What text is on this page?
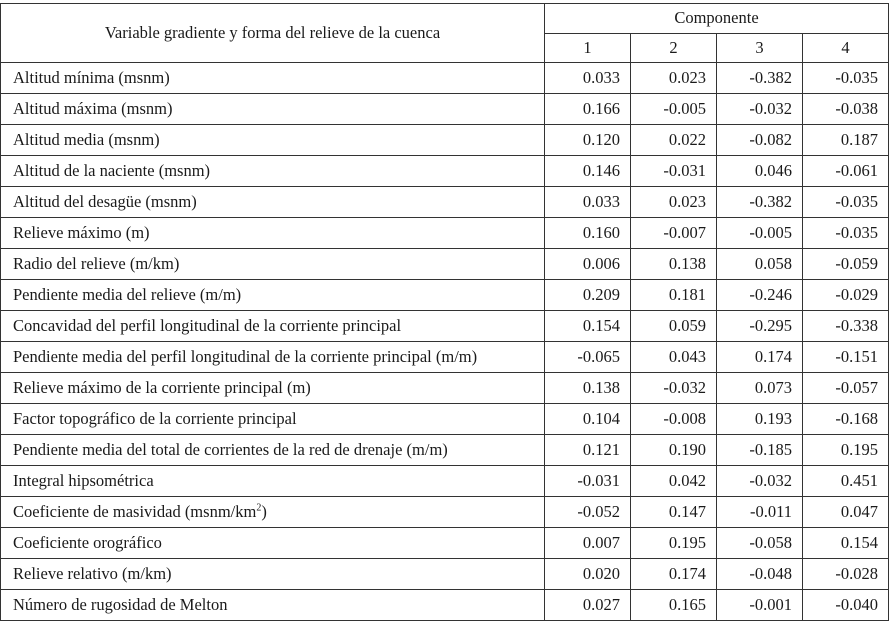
Variable gradiente y forma del relieve de la cuenca	Componente			
	1	2	3	4
Altitud mínima (msnm)	0.033	0.023	-0.382	-0.035
Altitud máxima (msnm)	0.166	-0.005	-0.032	-0.038
Altitud media (msnm)	0.120	0.022	-0.082	0.187
Altitud de la naciente (msnm)	0.146	-0.031	0.046	-0.061
Altitud del desagüe (msnm)	0.033	0.023	-0.382	-0.035
Relieve máximo (m)	0.160	-0.007	-0.005	-0.035
Radio del relieve (m/km)	0.006	0.138	0.058	-0.059
Pendiente media del relieve (m/m)	0.209	0.181	-0.246	-0.029
Concavidad del perfil longitudinal de la corriente principal	0.154	0.059	-0.295	-0.338
Pendiente media del perfil longitudinal de la corriente principal (m/m)	-0.065	0.043	0.174	-0.151
Relieve máximo de la corriente principal (m)	0.138	-0.032	0.073	-0.057
Factor topográfico de la corriente principal	0.104	-0.008	0.193	-0.168
Pendiente media del total de corrientes de la red de drenaje (m/m)	0.121	0.190	-0.185	0.195
Integral hipsométrica	-0.031	0.042	-0.032	0.451
Coeficiente de masividad $(msnm/km^2)$	-0.052	0.147	-0.011	0.047
Coeficiente orográfico	0.007	0.195	-0.058	0.154
Relieve relativo (m/km)	0.020	0.174	-0.048	-0.028
Número de rugosidad de Melton	0.027	0.165	-0.001	-0.040
